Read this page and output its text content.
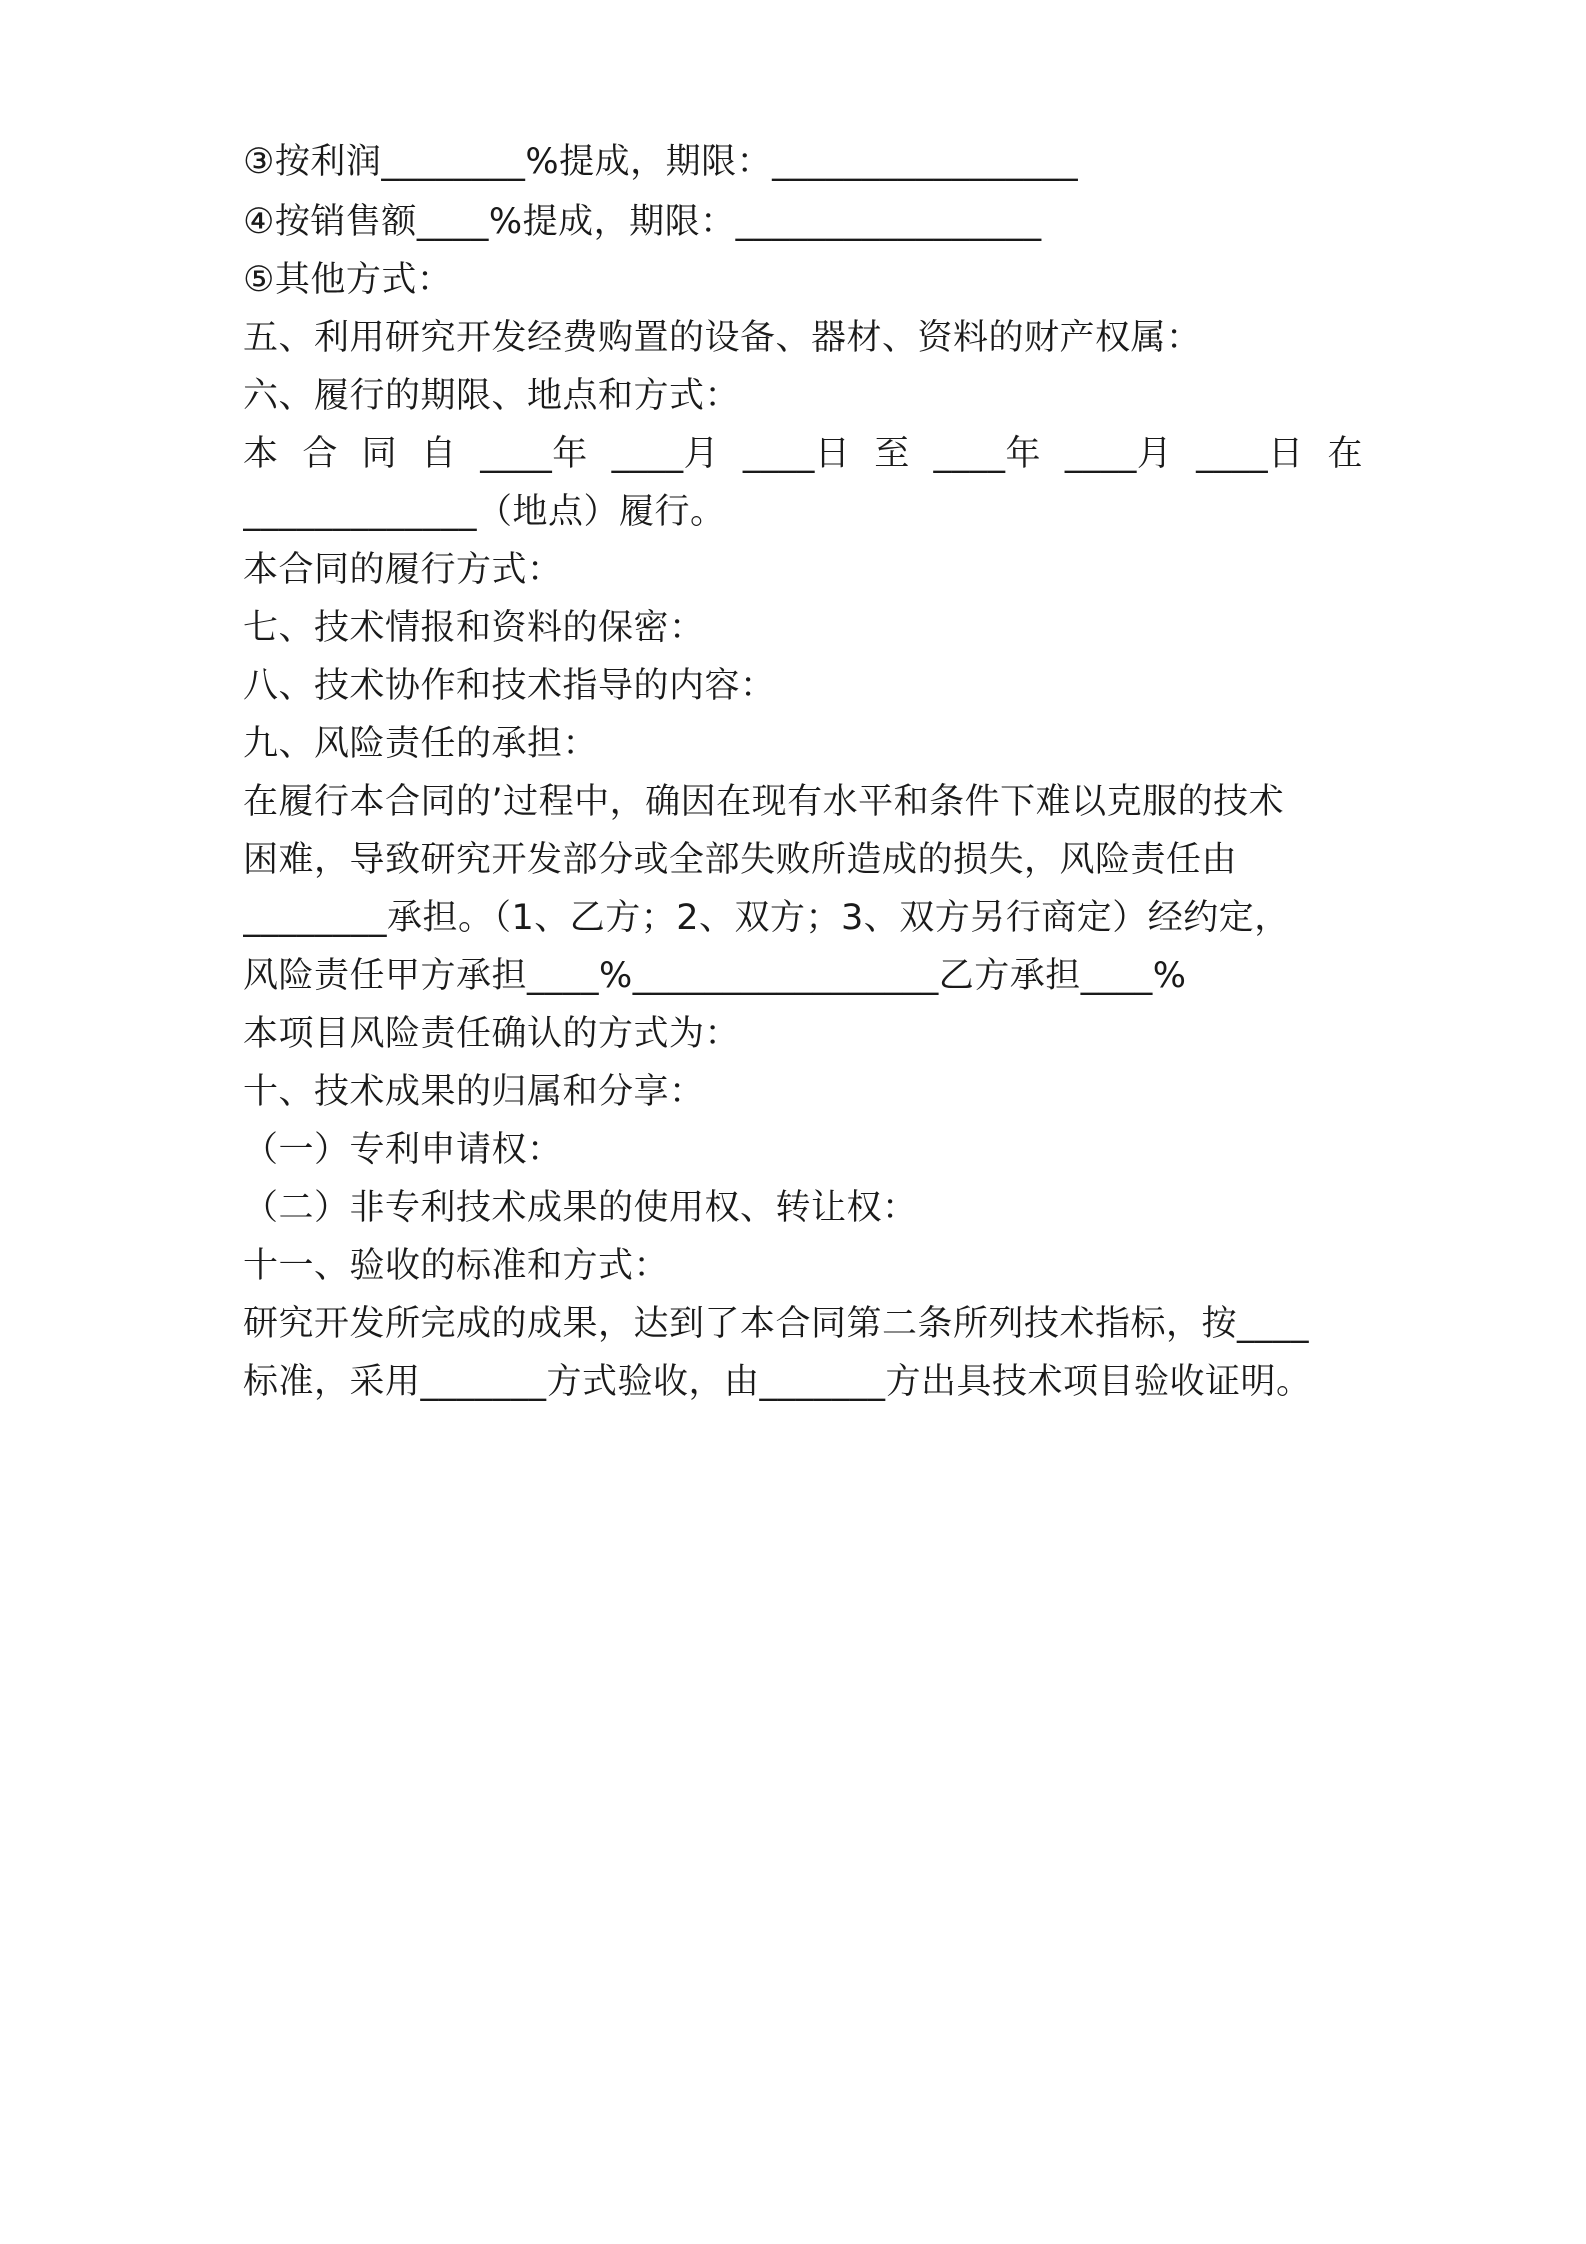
③按利润________%提成，期限：_________________
④按销售额____%提成，期限：_________________
⑤其他方式：
五、利用研究开发经费购置的设备、器材、资料的财产权属：
六、履行的期限、地点和方式：
本 合 同 自 ____年 ____月 ____日 至 ____年 ____月 ____日 在
_____________（地点）履行。
本合同的履行方式：
七、技术情报和资料的保密：
八、技术协作和技术指导的内容：
九、风险责任的承担：
在履行本合同的’过程中，确因在现有水平和条件下难以克服的技术
困难，导致研究开发部分或全部失败所造成的损失，风险责任由
________承担。（1、乙方；2、双方；3、双方另行商定）经约定，
风险责任甲方承担____%_________________乙方承担____%
本项目风险责任确认的方式为：
十、技术成果的归属和分享：
（一）专利申请权：
（二）非专利技术成果的使用权、转让权：
十一、验收的标准和方式：
研究开发所完成的成果，达到了本合同第二条所列技术指标，按____
标准，采用_______方式验收，由_______方出具技术项目验收证明。
